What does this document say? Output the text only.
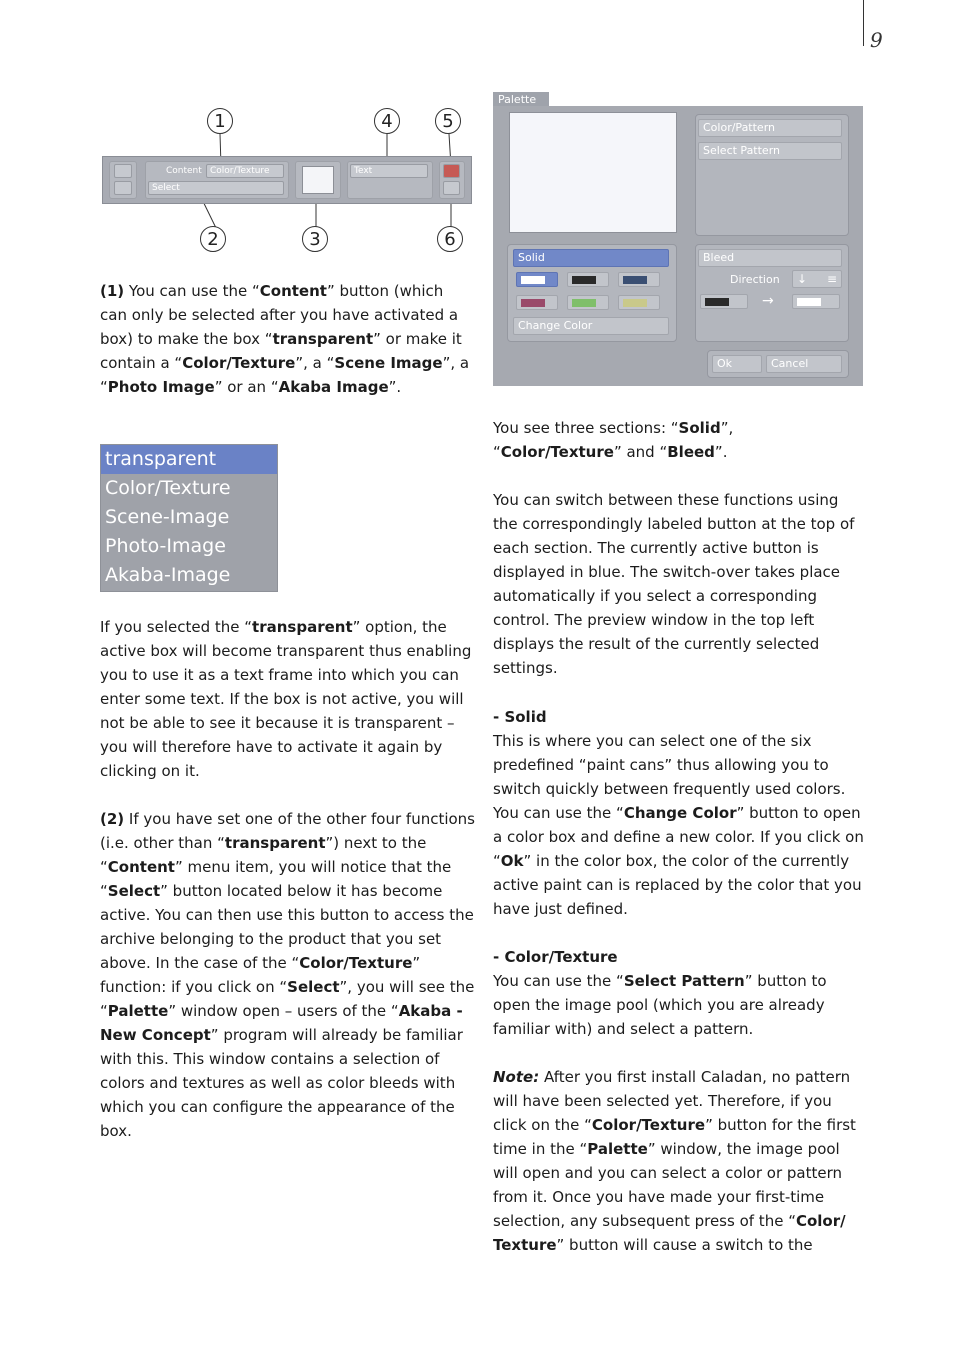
9
Content Color/Texture
Select
Text
1	4	5
2	3	6

(1) You can use the “Content” button (which can only be selected after you have activated a box) to make the box “transparent” or make it contain a “Color/Texture”, a “Scene Image”, a “Photo Image” or an “Akaba Image”.

transparent
Color/Texture
Scene-Image
Photo-Image
Akaba-Image

If you selected the “transparent” option, the active box will become transparent thus enabling you to use it as a text frame into which you can enter some text. If the box is not active, you will not be able to see it because it is transparent – you will therefore have to activate it again by clicking on it.

(2) If you have set one of the other four functions (i.e. other than “transparent”) next to the “Content” menu item, you will notice that the “Select” button located below it has become active. You can then use this button to access the archive belonging to the product that you set above. In the case of the “Color/Texture” function: if you click on “Select”, you will see the “Palette” window open – users of the “Akaba - New Concept” program will already be familiar with this. This window contains a selection of colors and textures as well as color bleeds with which you can configure the appearance of the box.

Palette
Color/Pattern
Select Pattern
Solid
Change Color
Bleed
Direction	↓ ≡
→
Ok	Cancel

You see three sections: “Solid”, “Color/Texture” and “Bleed”.

You can switch between these functions using the correspondingly labeled button at the top of each section. The currently active button is displayed in blue. The switch-over takes place automatically if you select a corresponding control. The preview window in the top left displays the result of the currently selected settings.

- Solid
This is where you can select one of the six predefined “paint cans” thus allowing you to switch quickly between frequently used colors. You can use the “Change Color” button to open a color box and define a new color. If you click on “Ok” in the color box, the color of the currently active paint can is replaced by the color that you have just defined.

- Color/Texture
You can use the “Select Pattern” button to open the image pool (which you are already familiar with) and select a pattern.

Note: After you first install Caladan, no pattern will have been selected yet. Therefore, if you click on the “Color/Texture” button for the first time in the “Palette” window, the image pool will open and you can select a color or pattern from it. Once you have made your first-time selection, any subsequent press of the “Color/ Texture” button will cause a switch to the
